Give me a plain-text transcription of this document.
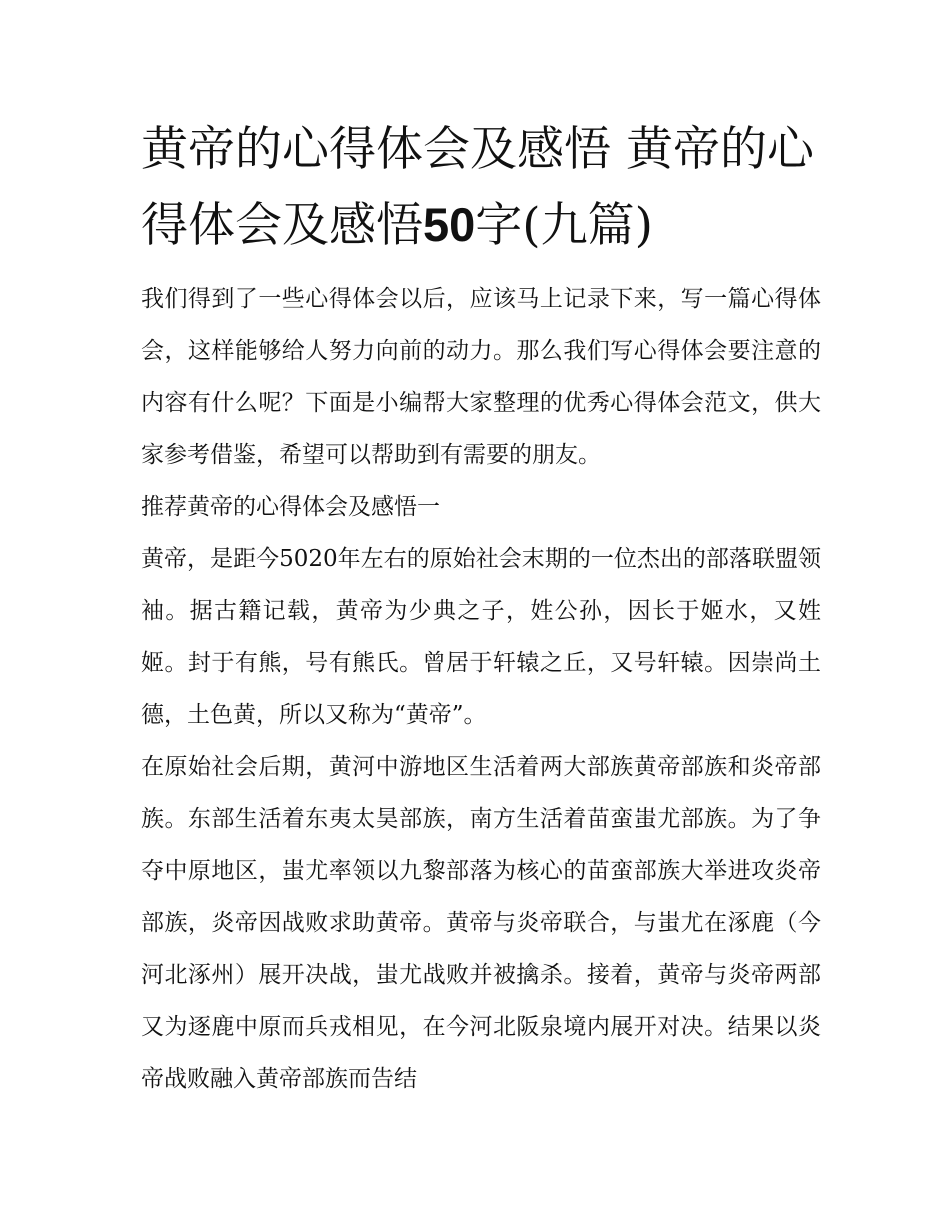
黄帝的心得体会及感悟 黄帝的心得体会及感悟50字(九篇)

我们得到了一些心得体会以后，应该马上记录下来，写一篇心得体会，这样能够给人努力向前的动力。那么我们写心得体会要注意的内容有什么呢？下面是小编帮大家整理的优秀心得体会范文，供大家参考借鉴，希望可以帮助到有需要的朋友。

推荐黄帝的心得体会及感悟一

黄帝，是距今5020年左右的原始社会末期的一位杰出的部落联盟领袖。据古籍记载，黄帝为少典之子，姓公孙，因长于姬水，又姓姬。封于有熊，号有熊氏。曾居于轩辕之丘，又号轩辕。因崇尚土德，土色黄，所以又称为“黄帝”。

在原始社会后期，黄河中游地区生活着两大部族黄帝部族和炎帝部族。东部生活着东夷太昊部族，南方生活着苗蛮蚩尤部族。为了争夺中原地区，蚩尤率领以九黎部落为核心的苗蛮部族大举进攻炎帝部族，炎帝因战败求助黄帝。黄帝与炎帝联合，与蚩尤在涿鹿（今河北涿州）展开决战，蚩尤战败并被擒杀。接着，黄帝与炎帝两部又为逐鹿中原而兵戎相见，在今河北阪泉境内展开对决。结果以炎帝战败融入黄帝部族而告结
